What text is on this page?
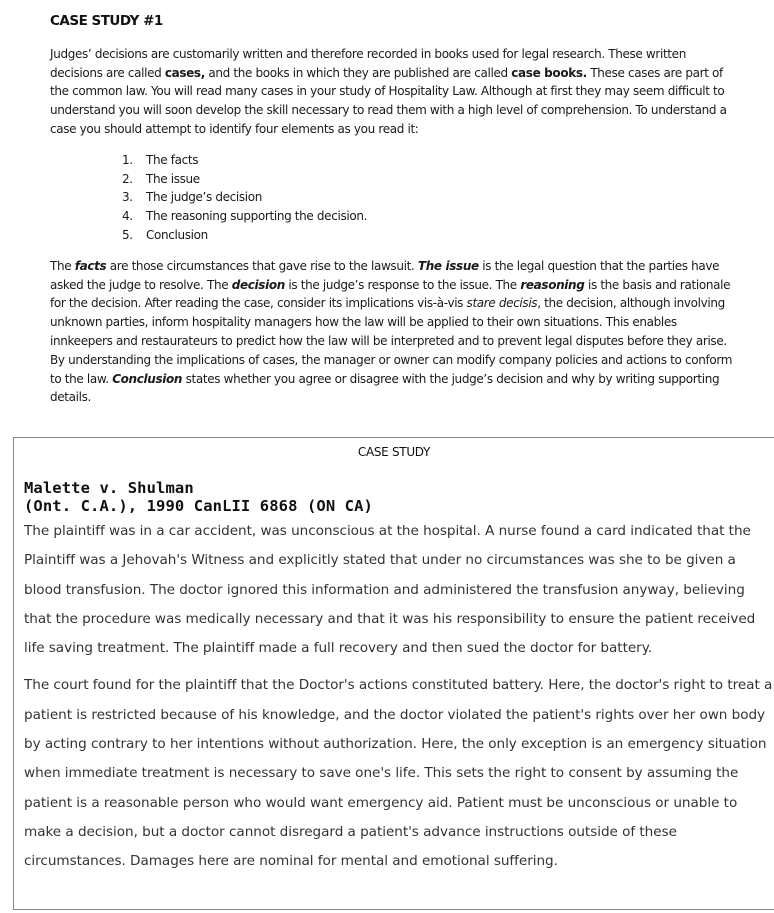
CASE STUDY #1

Judges’ decisions are customarily written and therefore recorded in books used for legal research. These written decisions are called cases, and the books in which they are published are called case books. These cases are part of the common law. You will read many cases in your study of Hospitality Law. Although at first they may seem difficult to understand you will soon develop the skill necessary to read them with a high level of comprehension. To understand a case you should attempt to identify four elements as you read it:

The facts
The issue
The judge’s decision
The reasoning supporting the decision.
Conclusion

The facts are those circumstances that gave rise to the lawsuit. The issue is the legal question that the parties have asked the judge to resolve. The decision is the judge’s response to the issue. The reasoning is the basis and rationale for the decision. After reading the case, consider its implications vis-à-vis stare decisis, the decision, although involving unknown parties, inform hospitality managers how the law will be applied to their own situations. This enables innkeepers and restaurateurs to predict how the law will be interpreted and to prevent legal disputes before they arise. By understanding the implications of cases, the manager or owner can modify company policies and actions to conform to the law. Conclusion states whether you agree or disagree with the judge’s decision and why by writing supporting details.

CASE STUDY
Malette v. Shulman
(Ont. C.A.), 1990 CanLII 6868 (ON CA)

The plaintiff was in a car accident, was unconscious at the hospital. A nurse found a card indicated that the Plaintiff was a Jehovah's Witness and explicitly stated that under no circumstances was she to be given a blood transfusion. The doctor ignored this information and administered the transfusion anyway, believing that the procedure was medically necessary and that it was his responsibility to ensure the patient received life saving treatment. The plaintiff made a full recovery and then sued the doctor for battery.

The court found for the plaintiff that the Doctor's actions constituted battery. Here, the doctor's right to treat a patient is restricted because of his knowledge, and the doctor violated the patient's rights over her own body by acting contrary to her intentions without authorization. Here, the only exception is an emergency situation when immediate treatment is necessary to save one's life. This sets the right to consent by assuming the patient is a reasonable person who would want emergency aid. Patient must be unconscious or unable to make a decision, but a doctor cannot disregard a patient's advance instructions outside of these circumstances. Damages here are nominal for mental and emotional suffering.
